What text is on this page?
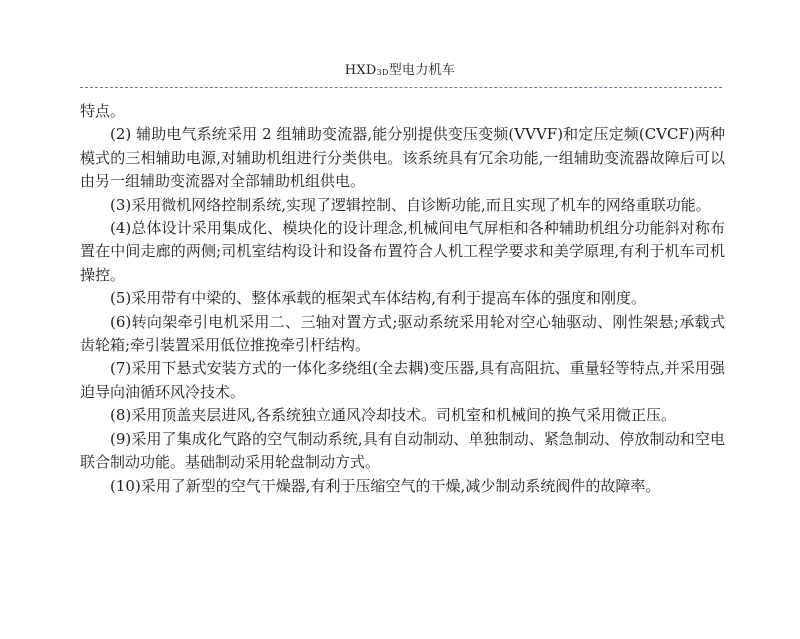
$HXD_{3D}$型电力机车

特点。

(2) 辅助电气系统采用 2 组辅助变流器,能分别提供变压变频(VVVF)和定压定频(CVCF)两种模式的三相辅助电源,对辅助机组进行分类供电。该系统具有冗余功能,一组辅助变流器故障后可以由另一组辅助变流器对全部辅助机组供电。

(3)采用微机网络控制系统,实现了逻辑控制、自诊断功能,而且实现了机车的网络重联功能。

(4)总体设计采用集成化、模块化的设计理念,机械间电气屏柜和各种辅助机组分功能斜对称布置在中间走廊的两侧;司机室结构设计和设备布置符合人机工程学要求和美学原理,有利于机车司机操控。

(5)采用带有中梁的、整体承载的框架式车体结构,有利于提高车体的强度和刚度。

(6)转向架牵引电机采用二、三轴对置方式;驱动系统采用轮对空心轴驱动、刚性架悬;承载式齿轮箱;牵引装置采用低位推挽牵引杆结构。

(7)采用下悬式安装方式的一体化多绕组(全去耦)变压器,具有高阻抗、重量轻等特点,并采用强迫导向油循环风冷技术。

(8)采用顶盖夹层进风,各系统独立通风冷却技术。司机室和机械间的换气采用微正压。

(9)采用了集成化气路的空气制动系统,具有自动制动、单独制动、紧急制动、停放制动和空电联合制动功能。基础制动采用轮盘制动方式。

(10)采用了新型的空气干燥器,有利于压缩空气的干燥,减少制动系统阀件的故障率。
